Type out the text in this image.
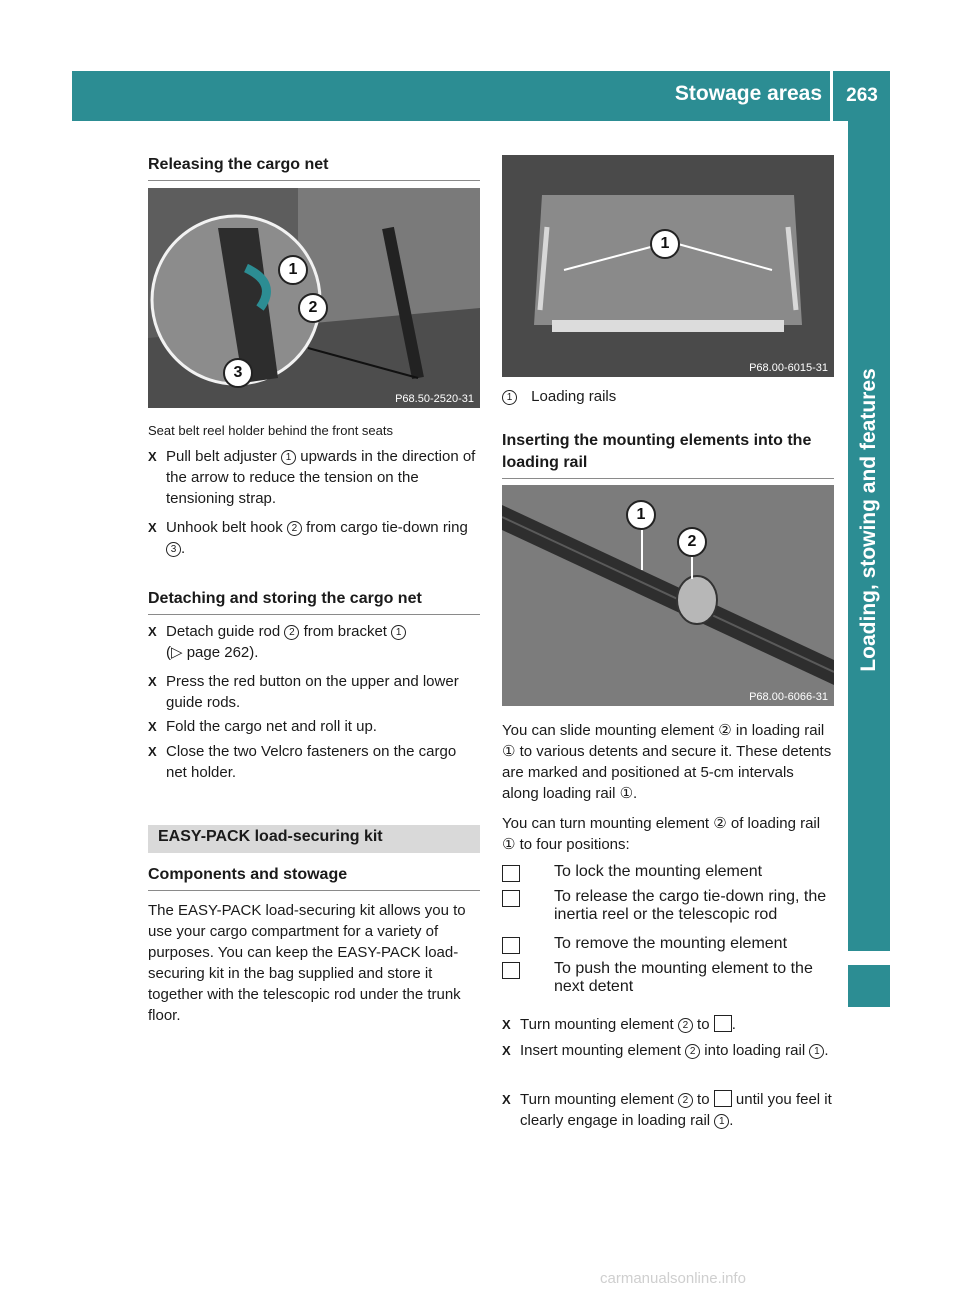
Stowage areas	263
Loading, stowing and features
Releasing the cargo net
1
2
3
P68.50-2520-31
Seat belt reel holder behind the front seats
X Pull belt adjuster 1 upwards in the direction of the arrow to reduce the tension on the tensioning strap.
X Unhook belt hook 2 from cargo tie-down ring 3 .
Detaching and storing the cargo net
X Detach guide rod 2 from bracket 1
(▷ page 262).
X Press the red button on the upper and lower guide rods.
X Fold the cargo net and roll it up.
X Close the two Velcro fasteners on the cargo net holder.
EASY-PACK load-securing kit
Components and stowage
The EASY-PACK load-securing kit allows you to use your cargo compartment for a variety of purposes. You can keep the EASY-PACK load-securing kit in the bag supplied and store it together with the telescopic rod under the trunk floor.
1
P68.00-6015-31
1 Loading rails
Inserting the mounting elements into the loading rail
1
2
P68.00-6066-31
You can slide mounting element ② in loading rail ① to various detents and secure it. These detents are marked and positioned at 5-cm intervals along loading rail ①.
You can turn mounting element ② of loading rail ① to four positions:
To lock the mounting element
To release the cargo tie-down ring, the inertia reel or the telescopic rod
To remove the mounting element
To push the mounting element to the next detent
X Turn mounting element 2 to .
X Insert mounting element 2 into loading rail 1 .
X Turn mounting element 2 to until you feel it clearly engage in loading rail 1 .
carmanualsonline.info
